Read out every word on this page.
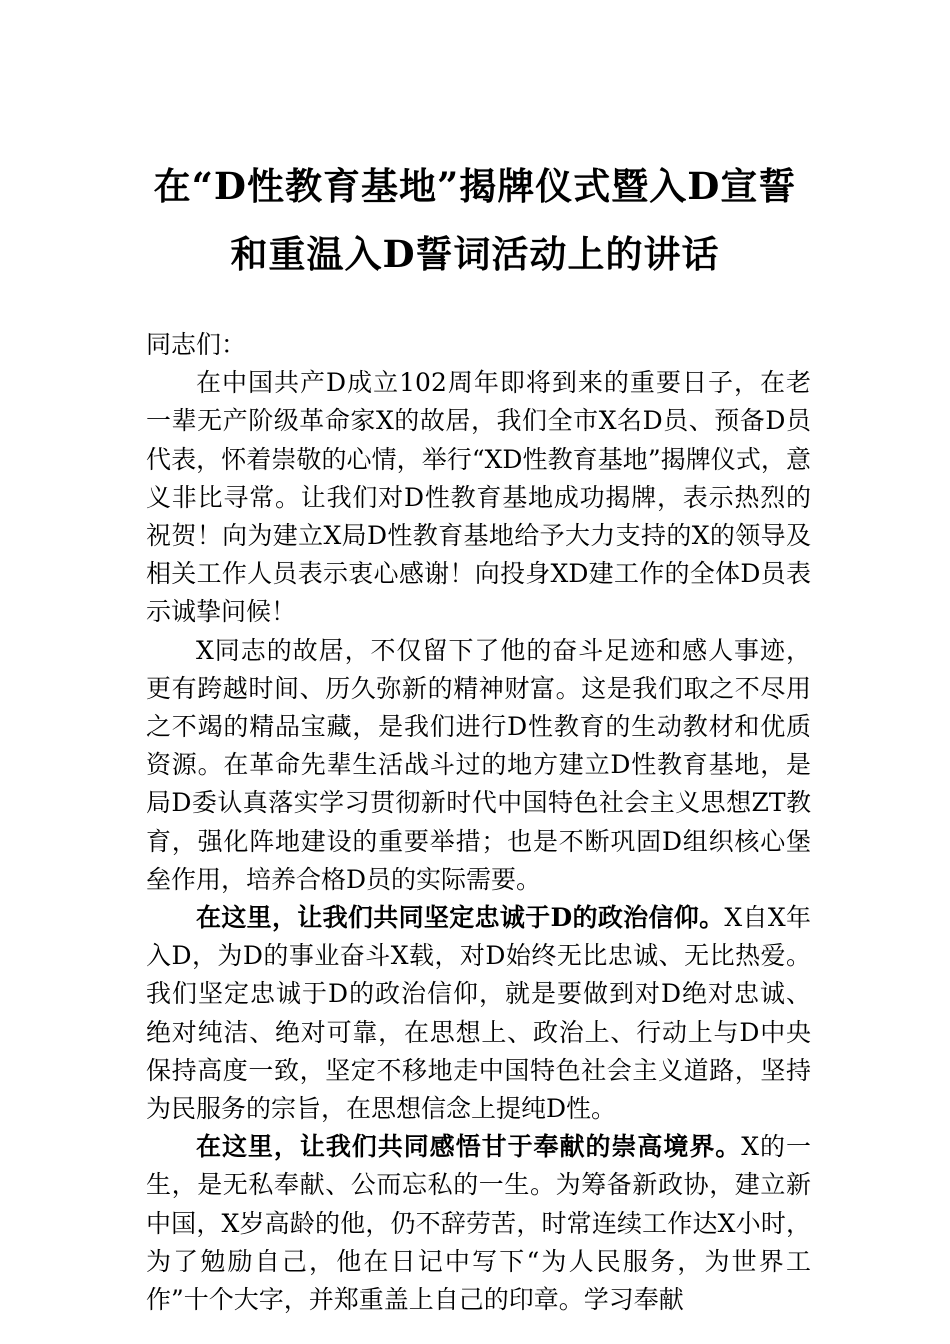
在“D性教育基地”揭牌仪式暨入D宣誓
和重温入D誓词活动上的讲话

同志们：

在中国共产D成立102周年即将到来的重要日子，在老一辈无产阶级革命家X的故居，我们全市X名D员、预备D员代表，怀着崇敬的心情，举行“XD性教育基地”揭牌仪式，意义非比寻常。让我们对D性教育基地成功揭牌，表示热烈的祝贺！向为建立X局D性教育基地给予大力支持的X的领导及相关工作人员表示衷心感谢！向投身XD建工作的全体D员表示诚挚问候！

X同志的故居，不仅留下了他的奋斗足迹和感人事迹，更有跨越时间、历久弥新的精神财富。这是我们取之不尽用之不竭的精品宝藏，是我们进行D性教育的生动教材和优质资源。在革命先辈生活战斗过的地方建立D性教育基地，是局D委认真落实学习贯彻新时代中国特色社会主义思想ZT教育，强化阵地建设的重要举措；也是不断巩固D组织核心堡垒作用，培养合格D员的实际需要。

在这里，让我们共同坚定忠诚于D的政治信仰。X自X年入D，为D的事业奋斗X载，对D始终无比忠诚、无比热爱。我们坚定忠诚于D的政治信仰，就是要做到对D绝对忠诚、绝对纯洁、绝对可靠，在思想上、政治上、行动上与D中央保持高度一致，坚定不移地走中国特色社会主义道路，坚持为民服务的宗旨，在思想信念上提纯D性。

在这里，让我们共同感悟甘于奉献的崇高境界。X的一生，是无私奉献、公而忘私的一生。为筹备新政协，建立新中国，X岁高龄的他，仍不辞劳苦，时常连续工作达X小时，为了勉励自己，他在日记中写下“为人民服务，为世界工作”十个大字，并郑重盖上自己的印章。学习奉献
